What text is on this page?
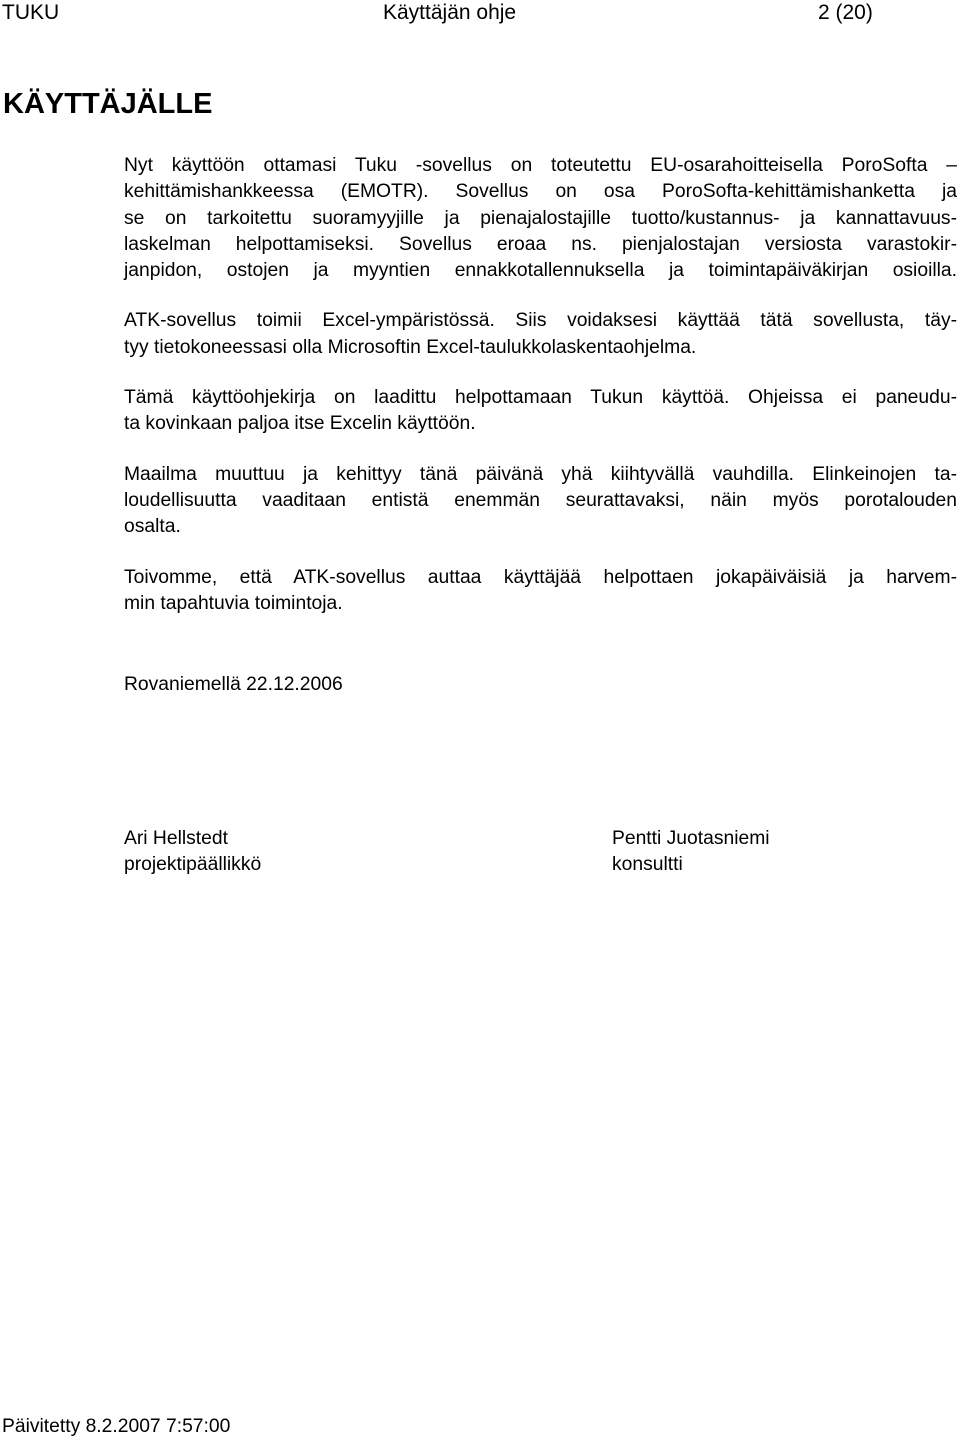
TUKU	Käyttäjän ohje	2 (20)
KÄYTTÄJÄLLE

Nyt käyttöön ottamasi Tuku -sovellus on toteutettu EU-osarahoitteisella PoroSofta –
kehittämishankkeessa (EMOTR). Sovellus on osa PoroSofta-kehittämishanketta ja
se on tarkoitettu suoramyyjille ja pienajalostajille tuotto/kustannus- ja kannattavuus-
laskelman helpottamiseksi. Sovellus eroaa ns. pienjalostajan versiosta varastokir-
janpidon, ostojen ja myyntien ennakkotallennuksella ja toimintapäiväkirjan osioilla.

ATK-sovellus toimii Excel-ympäristössä. Siis voidaksesi käyttää tätä sovellusta, täy-
tyy tietokoneessasi olla Microsoftin Excel-taulukkolaskentaohjelma.

Tämä käyttöohjekirja on laadittu helpottamaan Tukun käyttöä. Ohjeissa ei paneudu-
ta kovinkaan paljoa itse Excelin käyttöön.

Maailma muuttuu ja kehittyy tänä päivänä yhä kiihtyvällä vauhdilla. Elinkeinojen ta-
loudellisuutta vaaditaan entistä enemmän seurattavaksi, näin myös porotalouden
osalta.

Toivomme, että ATK-sovellus auttaa käyttäjää helpottaen jokapäiväisiä ja harvem-
min tapahtuvia toimintoja.

Rovaniemellä 22.12.2006
Ari Hellstedt
projektipäällikkö
Pentti Juotasniemi
konsultti
Päivitetty 8.2.2007 7:57:00
